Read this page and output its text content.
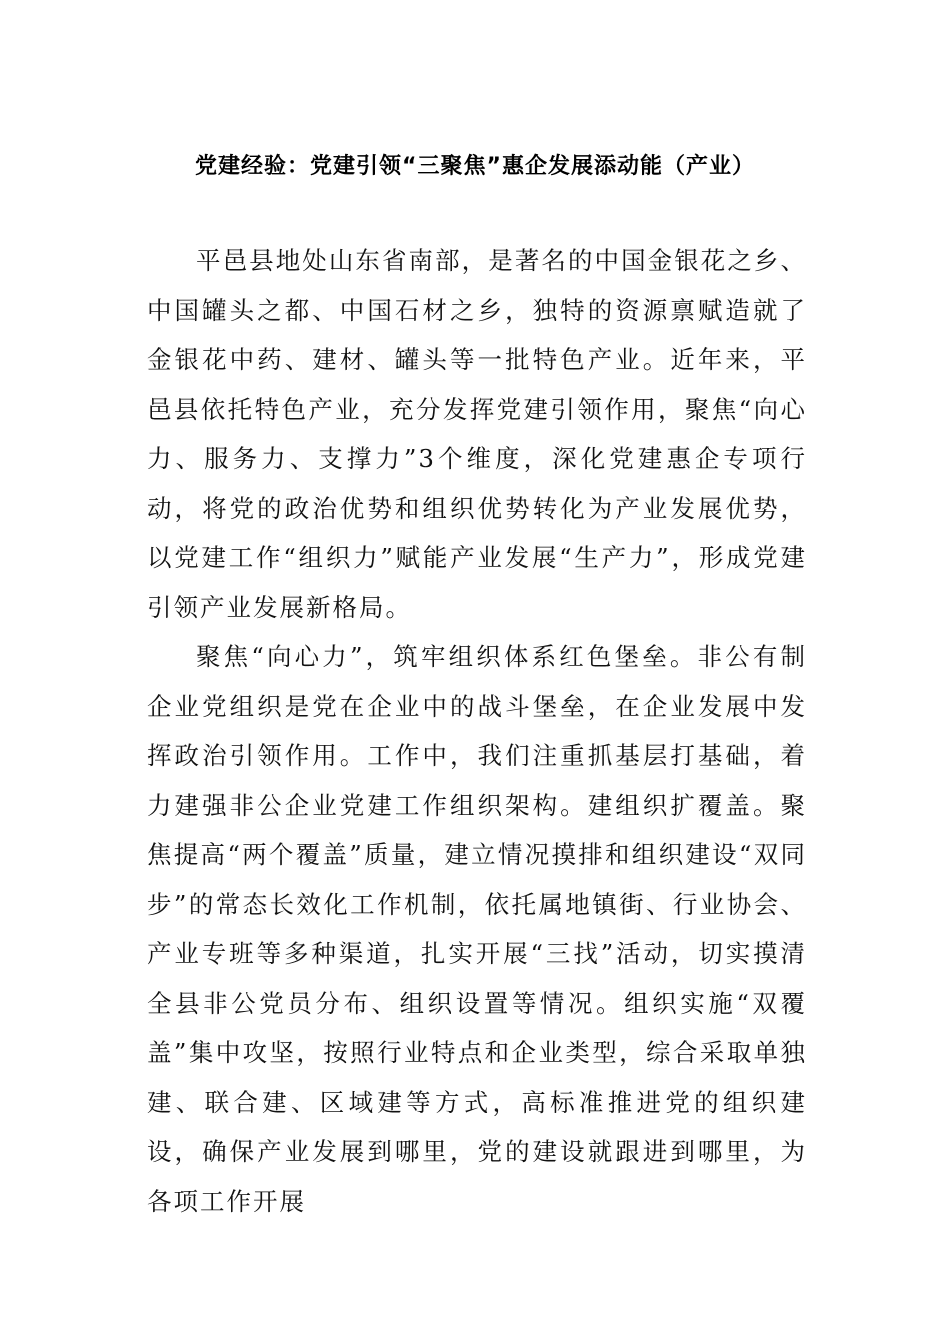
党建经验：党建引领“三聚焦”惠企发展添动能（产业）

平邑县地处山东省南部，是著名的中国金银花之乡、中国罐头之都、中国石材之乡，独特的资源禀赋造就了金银花中药、建材、罐头等一批特色产业。近年来，平邑县依托特色产业，充分发挥党建引领作用，聚焦“向心力、服务力、支撑力”3个维度，深化党建惠企专项行动，将党的政治优势和组织优势转化为产业发展优势，以党建工作“组织力”赋能产业发展“生产力”，形成党建引领产业发展新格局。

聚焦“向心力”，筑牢组织体系红色堡垒。非公有制企业党组织是党在企业中的战斗堡垒，在企业发展中发挥政治引领作用。工作中，我们注重抓基层打基础，着力建强非公企业党建工作组织架构。建组织扩覆盖。聚焦提高“两个覆盖”质量，建立情况摸排和组织建设“双同步”的常态长效化工作机制，依托属地镇街、行业协会、产业专班等多种渠道，扎实开展“三找”活动，切实摸清全县非公党员分布、组织设置等情况。组织实施“双覆盖”集中攻坚，按照行业特点和企业类型，综合采取单独建、联合建、区域建等方式，高标准推进党的组织建设，确保产业发展到哪里，党的建设就跟进到哪里，为各项工作开展
